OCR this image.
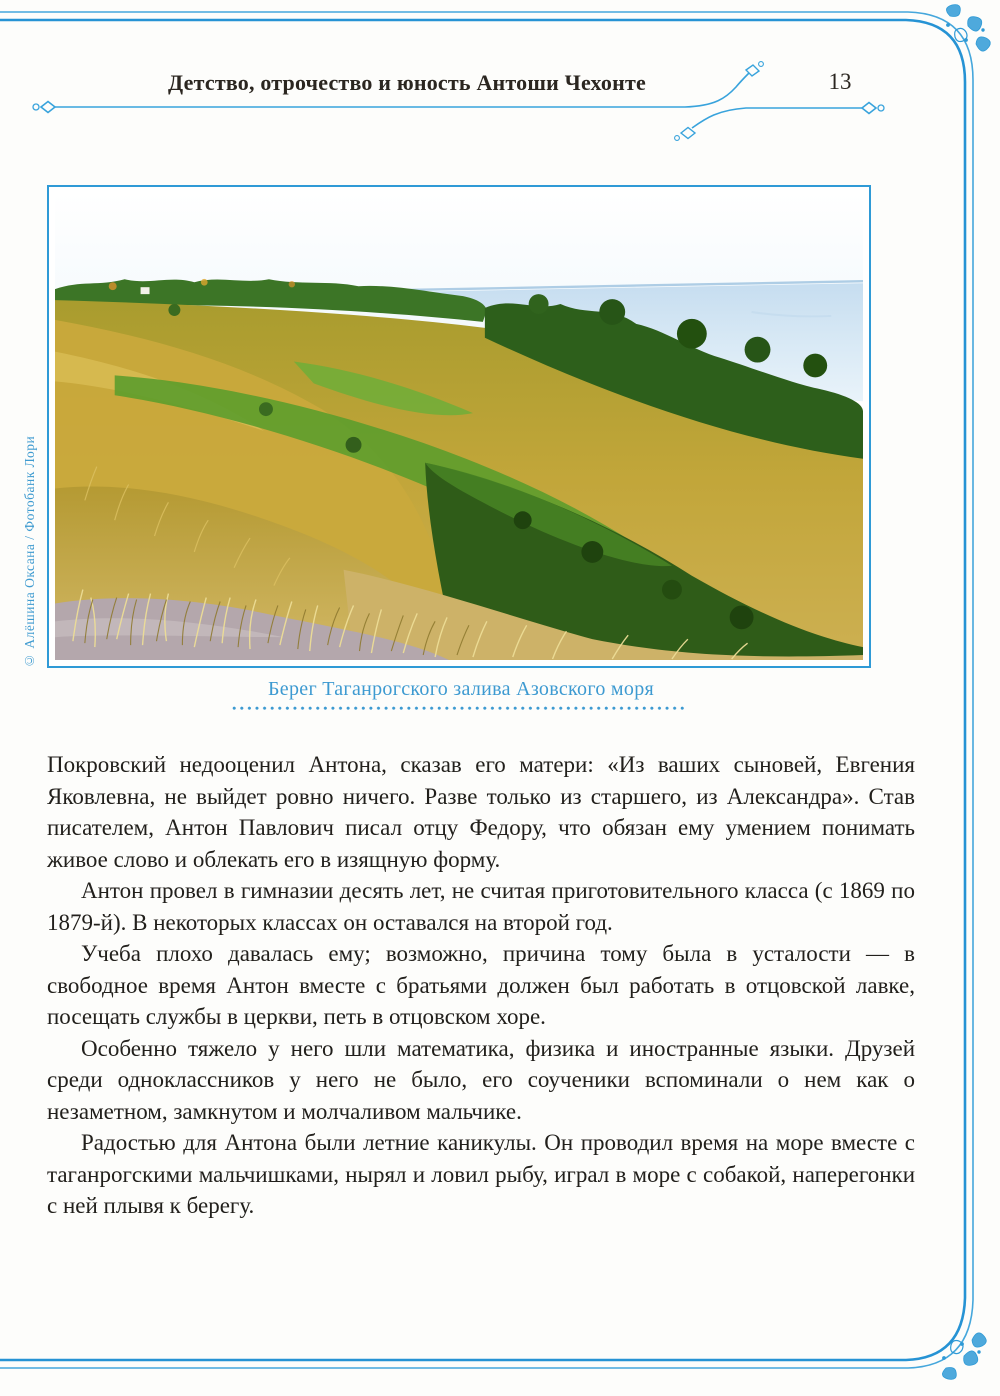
Детство, отрочество и юность Антоши Чехонте	13
© Алёшина Оксана / Фотобанк Лори
Берег Таганрогского залива Азовского моря

Покровский недооценил Антона, сказав его матери: «Из ваших сыновей, Евгения Яковлевна, не выйдет ровно ничего. Разве только из старшего, из Александра». Став писателем, Антон Павлович писал отцу Федору, что обязан ему умением понимать живое слово и облекать его в изящную форму.

Антон провел в гимназии десять лет, не считая приготовительного класса (с 1869 по 1879-й). В некоторых классах он оставался на второй год.

Учеба плохо давалась ему; возможно, причина тому была в усталости — в свободное время Антон вместе с братьями должен был работать в отцовской лавке, посещать службы в церкви, петь в отцовском хоре.

Особенно тяжело у него шли математика, физика и иностранные языки. Друзей среди одноклассников у него не было, его соученики вспоминали о нем как о незаметном, замкнутом и молчаливом мальчике.

Радостью для Антона были летние каникулы. Он проводил время на море вместе с таганрогскими мальчишками, нырял и ловил рыбу, играл в море с собакой, наперегонки с ней плывя к берегу.
